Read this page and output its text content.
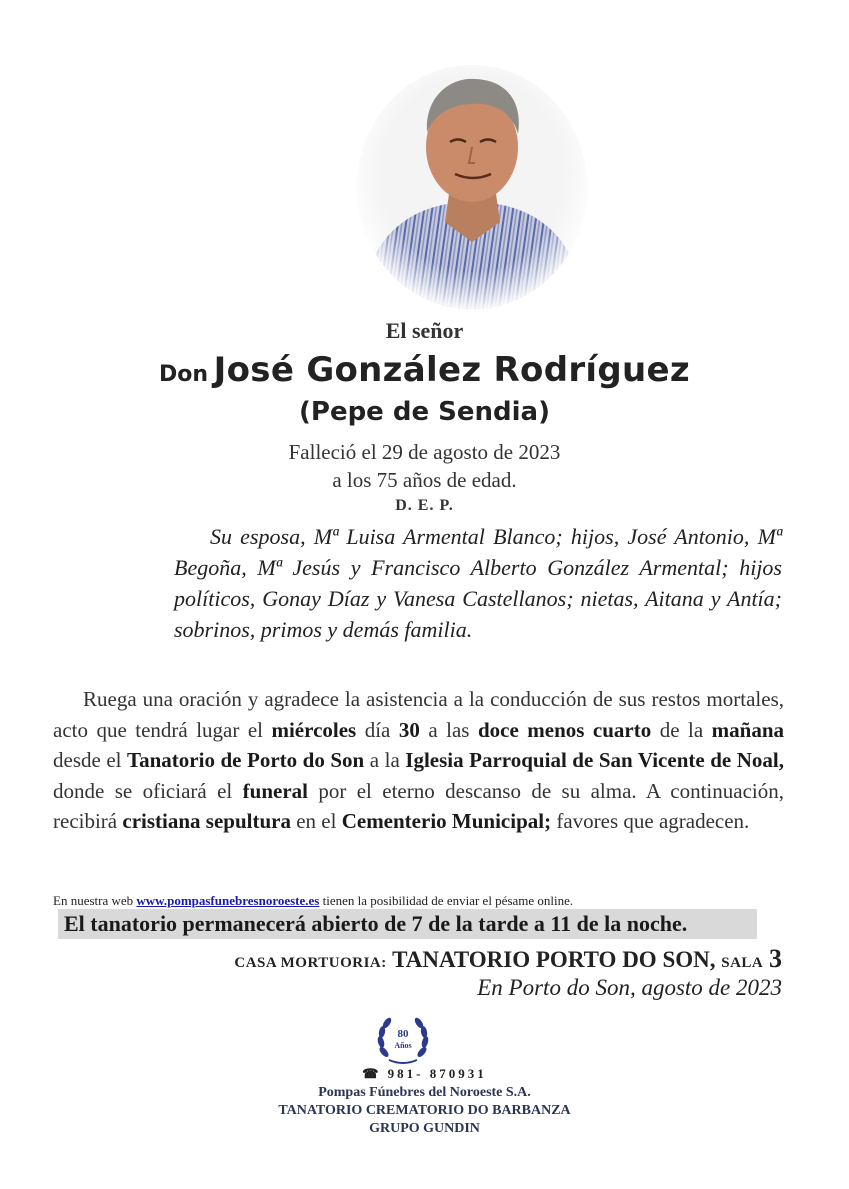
El señor
Don José González Rodríguez
(Pepe de Sendia)
Falleció el 29 de agosto de 2023
a los 75 años de edad.
D. E. P.

Su esposa, Mª Luisa Armental Blanco; hijos, José Antonio, Mª Begoña, Mª Jesús y Francisco Alberto González Armental; hijos políticos, Gonay Díaz y Vanesa Castellanos; nietas, Aitana y Antía; sobrinos, primos y demás familia.

Ruega una oración y agradece la asistencia a la conducción de sus restos mortales, acto que tendrá lugar el miércoles día 30 a las doce menos cuarto de la mañana desde el Tanatorio de Porto do Son a la Iglesia Parroquial de San Vicente de Noal, donde se oficiará el funeral por el eterno descanso de su alma. A continuación, recibirá cristiana sepultura en el Cementerio Municipal; favores que agradecen.

En nuestra web www.pompasfunebresnoroeste.es tienen la posibilidad de enviar el pésame online.
El tanatorio permanecerá abierto de 7 de la tarde a 11 de la noche.
CASA MORTUORIA: TANATORIO PORTO DO SON, SALA 3
En Porto do Son, agosto de 2023
80
Años
☎ 981- 870931
Pompas Fúnebres del Noroeste S.A.
TANATORIO CREMATORIO DO BARBANZA
GRUPO GUNDIN
